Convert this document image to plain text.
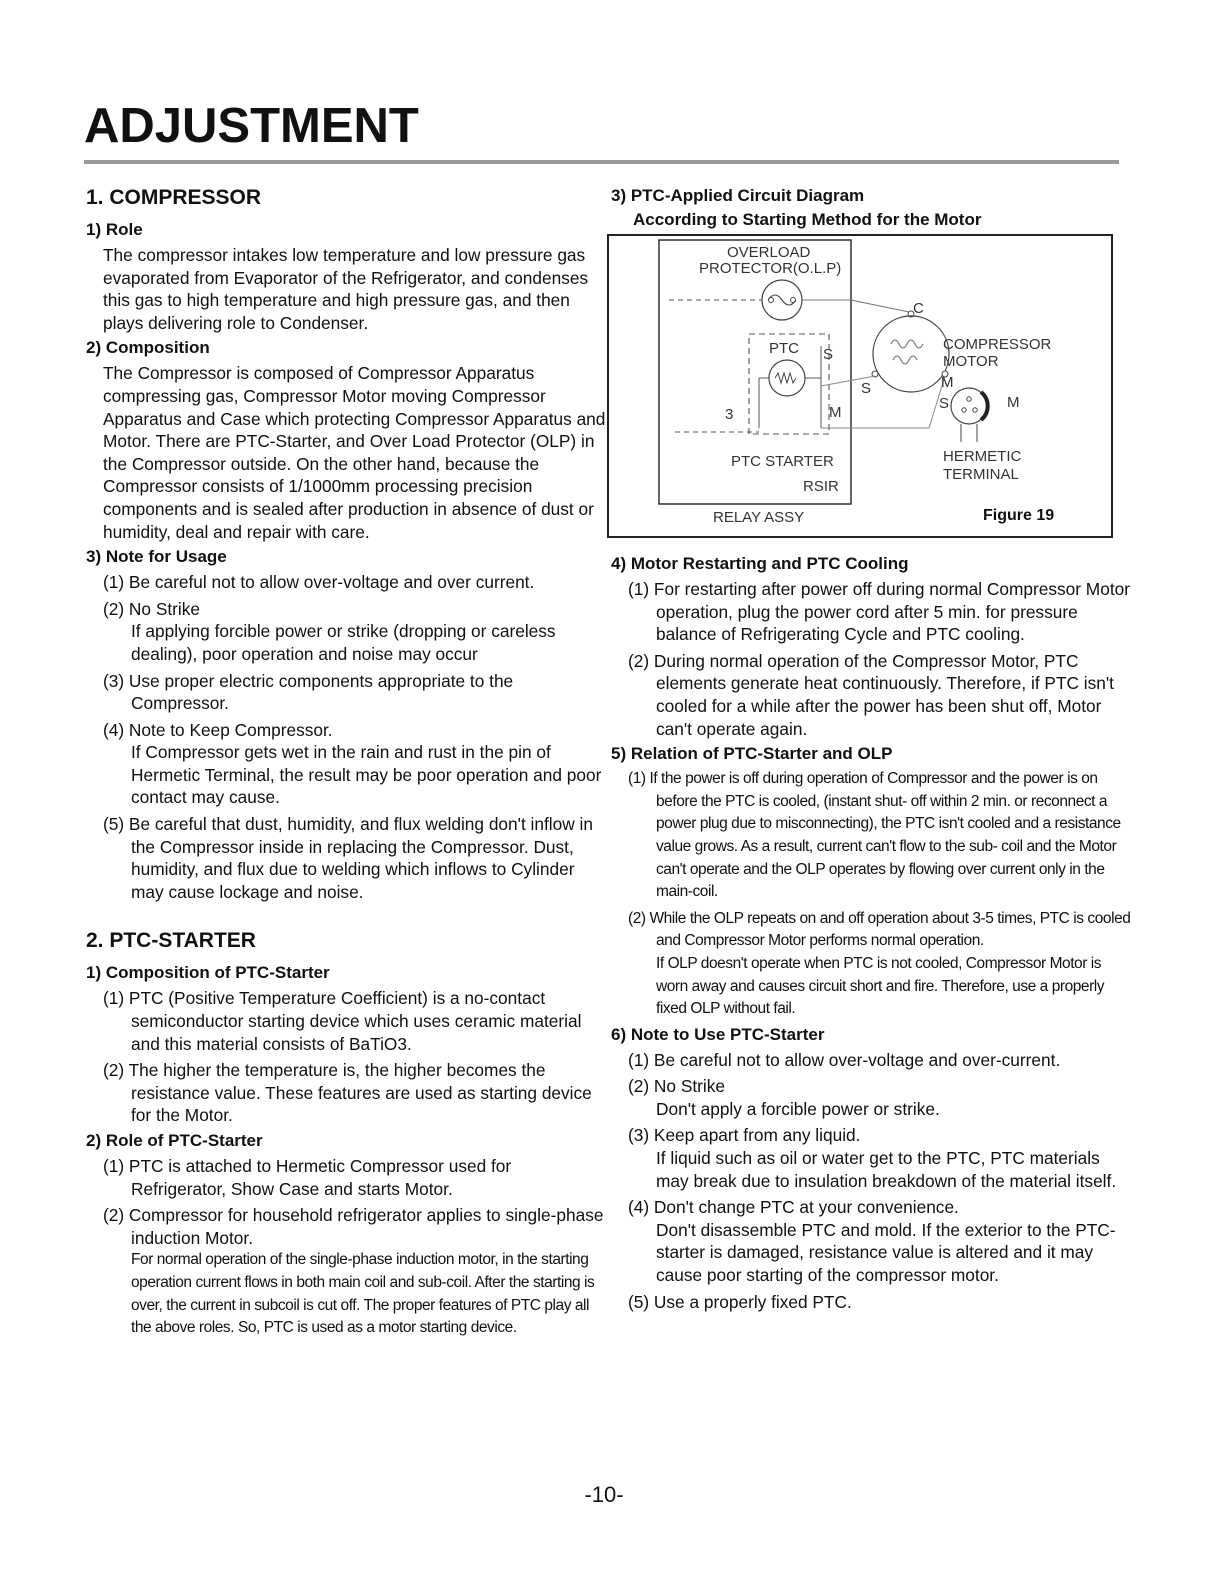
ADJUSTMENT
1. COMPRESSOR
1) Role
The compressor intakes low temperature and low pressure gas evaporated from Evaporator of the Refrigerator, and condenses this gas to high temperature and high pressure gas, and then plays delivering role to Condenser.
2) Composition
The Compressor is composed of Compressor Apparatus compressing gas, Compressor Motor moving Compressor Apparatus and Case which protecting Compressor Apparatus and Motor. There are PTC-Starter, and Over Load Protector (OLP) in the Compressor outside. On the other hand, because the Compressor consists of 1/1000mm processing precision components and is sealed after production in absence of dust or humidity, deal and repair with care.
3) Note for Usage
(1) Be careful not to allow over-voltage and over current.
(2) No Strike
If applying forcible power or strike (dropping or careless dealing), poor operation and noise may occur
(3) Use proper electric components appropriate to the Compressor.
(4) Note to Keep Compressor.
If Compressor gets wet in the rain and rust in the pin of Hermetic Terminal, the result may be poor operation and poor contact may cause.
(5) Be careful that dust, humidity, and flux welding don't inflow in the Compressor inside in replacing the Compressor. Dust, humidity, and flux due to welding which inflows to Cylinder may cause lockage and noise.
2. PTC-STARTER
1) Composition of PTC-Starter
(1) PTC (Positive Temperature Coefficient) is a no-contact semiconductor starting device which uses ceramic material and this material consists of BaTiO3.
(2) The higher the temperature is, the higher becomes the resistance value. These features are used as starting device for the Motor.
2) Role of PTC-Starter
(1) PTC is attached to Hermetic Compressor used for Refrigerator, Show Case and starts Motor.
(2) Compressor for household refrigerator applies to single-phase induction Motor.
For normal operation of the single-phase induction motor, in the starting operation current flows in both main coil and sub-coil. After the starting is over, the current in subcoil is cut off. The proper features of PTC play all the above roles. So, PTC is used as a motor starting device.
3) PTC-Applied Circuit Diagram
According to Starting Method for the Motor
OVERLOAD
PROTECTOR(O.L.P)
C
COMPRESSOR
MOTOR
PTC S
S	M
S	M
3	M
PTC STARTER
RSIR
HERMETIC
TERMINAL
RELAY ASSY	Figure 19
4) Motor Restarting and PTC Cooling
(1) For restarting after power off during normal Compressor Motor operation, plug the power cord after 5 min. for pressure balance of Refrigerating Cycle and PTC cooling.
(2) During normal operation of the Compressor Motor, PTC elements generate heat continuously. Therefore, if PTC isn't cooled for a while after the power has been shut off, Motor can't operate again.
5) Relation of PTC-Starter and OLP
(1) If the power is off during operation of Compressor and the power is on before the PTC is cooled, (instant shut- off within 2 min. or reconnect a power plug due to misconnecting), the PTC isn't cooled and a resistance value grows. As a result, current can't flow to the sub- coil and the Motor can't operate and the OLP operates by flowing over current only in the main-coil.
(2) While the OLP repeats on and off operation about 3-5 times, PTC is cooled and Compressor Motor performs normal operation.
If OLP doesn't operate when PTC is not cooled, Compressor Motor is worn away and causes circuit short and fire. Therefore, use a properly fixed OLP without fail.
6) Note to Use PTC-Starter
(1) Be careful not to allow over-voltage and over-current.
(2) No Strike
Don't apply a forcible power or strike.
(3) Keep apart from any liquid.
If liquid such as oil or water get to the PTC, PTC materials may break due to insulation breakdown of the material itself.
(4) Don't change PTC at your convenience.
Don't disassemble PTC and mold. If the exterior to the PTC-starter is damaged, resistance value is altered and it may cause poor starting of the compressor motor.
(5) Use a properly fixed PTC.
-10-
